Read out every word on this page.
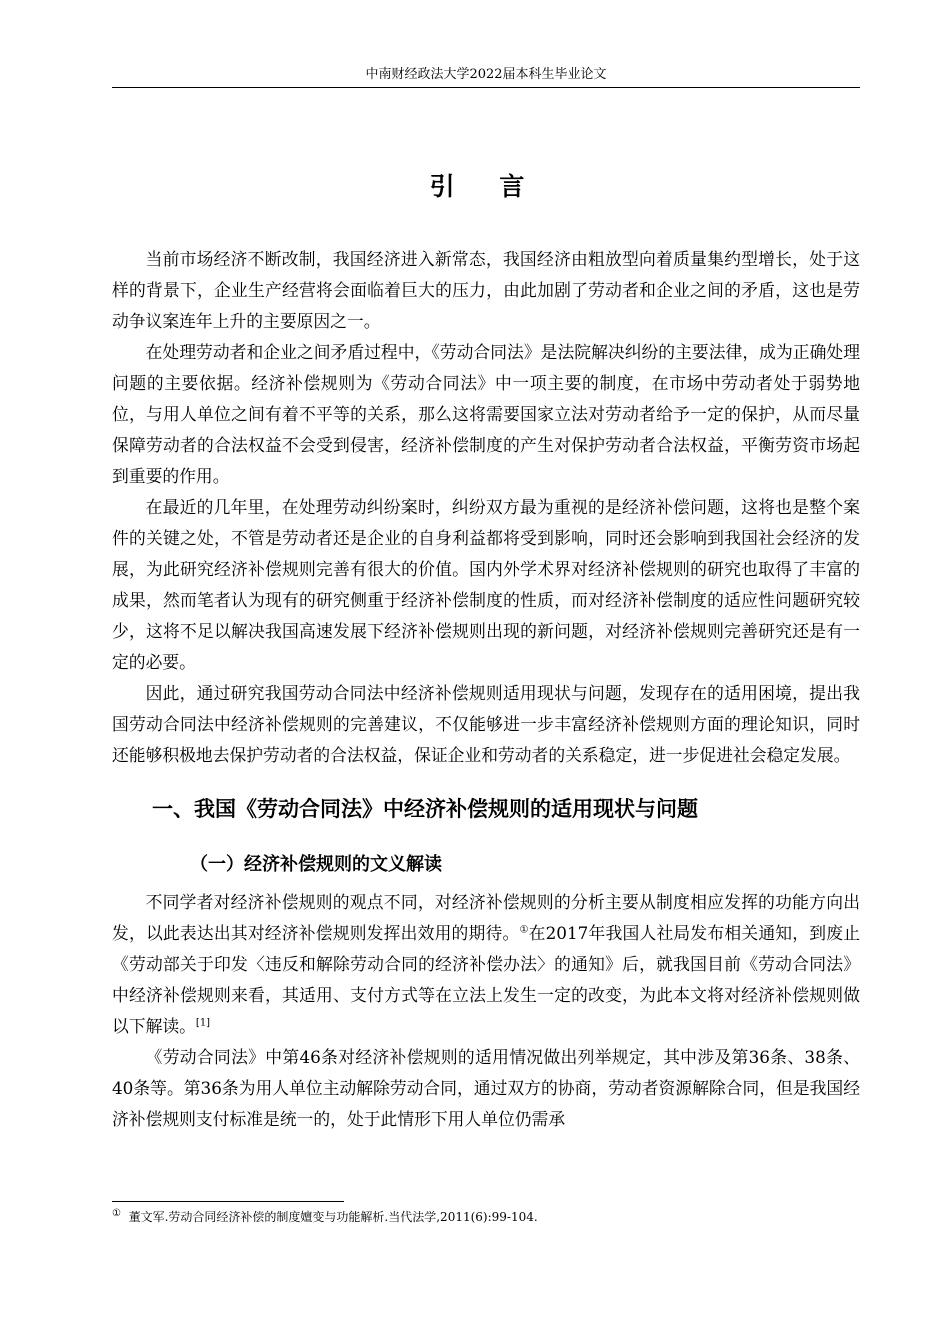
中南财经政法大学2022届本科生毕业论文
引 言

当前市场经济不断改制，我国经济进入新常态，我国经济由粗放型向着质量集约型增长，处于这样的背景下，企业生产经营将会面临着巨大的压力，由此加剧了劳动者和企业之间的矛盾，这也是劳动争议案连年上升的主要原因之一。

在处理劳动者和企业之间矛盾过程中，《劳动合同法》是法院解决纠纷的主要法律，成为正确处理问题的主要依据。经济补偿规则为《劳动合同法》中一项主要的制度，在市场中劳动者处于弱势地位，与用人单位之间有着不平等的关系，那么这将需要国家立法对劳动者给予一定的保护，从而尽量保障劳动者的合法权益不会受到侵害，经济补偿制度的产生对保护劳动者合法权益，平衡劳资市场起到重要的作用。

在最近的几年里，在处理劳动纠纷案时，纠纷双方最为重视的是经济补偿问题，这将也是整个案件的关键之处，不管是劳动者还是企业的自身利益都将受到影响，同时还会影响到我国社会经济的发展，为此研究经济补偿规则完善有很大的价值。国内外学术界对经济补偿规则的研究也取得了丰富的成果，然而笔者认为现有的研究侧重于经济补偿制度的性质，而对经济补偿制度的适应性问题研究较少，这将不足以解决我国高速发展下经济补偿规则出现的新问题，对经济补偿规则完善研究还是有一定的必要。

因此，通过研究我国劳动合同法中经济补偿规则适用现状与问题，发现存在的适用困境，提出我国劳动合同法中经济补偿规则的完善建议，不仅能够进一步丰富经济补偿规则方面的理论知识，同时还能够积极地去保护劳动者的合法权益，保证企业和劳动者的关系稳定，进一步促进社会稳定发展。

一、我国《劳动合同法》中经济补偿规则的适用现状与问题
（一）经济补偿规则的文义解读

不同学者对经济补偿规则的观点不同，对经济补偿规则的分析主要从制度相应发挥的功能方向出发，以此表达出其对经济补偿规则发挥出效用的期待。①在2017年我国人社局发布相关通知，到废止《劳动部关于印发〈违反和解除劳动合同的经济补偿办法〉的通知》后，就我国目前《劳动合同法》中经济补偿规则来看，其适用、支付方式等在立法上发生一定的改变，为此本文将对经济补偿规则做以下解读。[1]

《劳动合同法》中第46条对经济补偿规则的适用情况做出列举规定，其中涉及第36条、38条、40条等。第36条为用人单位主动解除劳动合同，通过双方的协商，劳动者资源解除合同，但是我国经济补偿规则支付标准是统一的，处于此情形下用人单位仍需承

① 董文军.劳动合同经济补偿的制度嬗变与功能解析.当代法学,2011(6):99-104.
